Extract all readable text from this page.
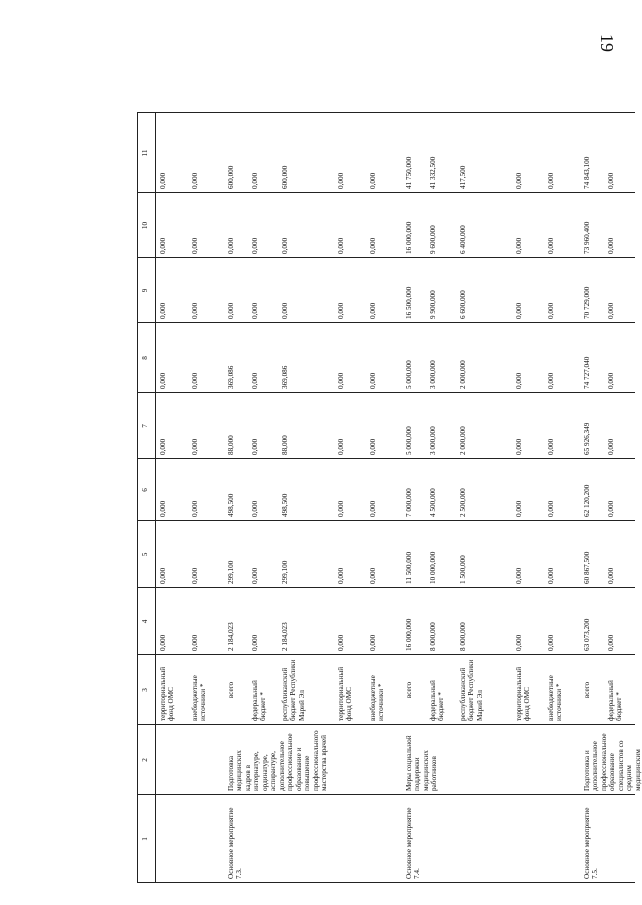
19
1
2
3
4
5
6
7
8
9
10
11
территориальный фонд ОМС
0,000
0,000
0,000
0,000
0,000
0,000
0,000
0,000
внебюджетные источники *
0,000
0,000
0,000
0,000
0,000
0,000
0,000
0,000
Основное мероприятие 7.3.
Подготовка медицинских кадров в интернатуре, ординатуре, аспирантуре, дополнительное профессиональное образование и повышение профессионального мастерства врачей
всего
2 184,023
299,100
498,500
88,000
369,086
0,000
0,000
600,000
федеральный бюджет *
0,000
0,000
0,000
0,000
0,000
0,000
0,000
0,000
республиканский бюджет Республики Марий Эл
2 184,023
299,100
498,500
88,000
369,086
0,000
0,000
600,000
территориальный фонд ОМС
0,000
0,000
0,000
0,000
0,000
0,000
0,000
0,000
внебюджетные источники *
0,000
0,000
0,000
0,000
0,000
0,000
0,000
0,000
Основное мероприятие 7.4.
Меры социальной поддержки медицинских работников
всего
16 000,000
11 500,000
7 000,000
5 000,000
5 000,000
16 500,000
16 000,000
41 750,000
федеральный бюджет *
8 000,000
10 000,000
4 500,000
3 000,000
3 000,000
9 900,000
9 600,000
41 332,500
республиканский бюджет Республики Марий Эл
8 000,000
1 500,000
2 500,000
2 000,000
2 000,000
6 600,000
6 400,000
417,500
территориальный фонд ОМС
0,000
0,000
0,000
0,000
0,000
0,000
0,000
0,000
внебюджетные источники *
0,000
0,000
0,000
0,000
0,000
0,000
0,000
0,000
Основное мероприятие 7.5.
Подготовка и дополнительное профессиональное образование специалистов со средним медицинским
всего
63 073,200
60 867,500
62 120,200
65 926,349
74 727,040
70 729,000
73 960,400
74 843,100
федеральный бюджет *
0,000
0,000
0,000
0,000
0,000
0,000
0,000
0,000
